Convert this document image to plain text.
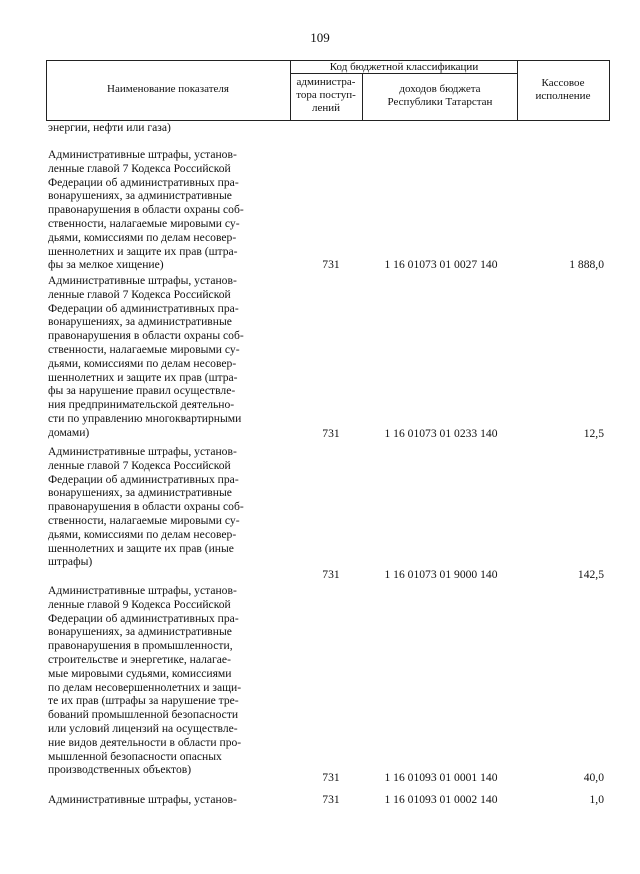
109
Наименование показателя
Код бюджетной классификации
администра-
тора поступ-
лений
доходов бюджета
Республики Татарстан
Кассовое
исполнение
энергии, нефти или газа)
Административные штрафы, установ-
ленные главой 7 Кодекса Российской
Федерации об административных пра-
вонарушениях, за административные
правонарушения в области охраны соб-
ственности, налагаемые мировыми су-
дьями, комиссиями по делам несовер-
шеннолетних и защите их прав (штра-
фы за мелкое хищение)	731	1 16 01073 01 0027 140	1 888,0
Административные штрафы, установ-
ленные главой 7 Кодекса Российской
Федерации об административных пра-
вонарушениях, за административные
правонарушения в области охраны соб-
ственности, налагаемые мировыми су-
дьями, комиссиями по делам несовер-
шеннолетних и защите их прав (штра-
фы за нарушение правил осуществле-
ния предпринимательской деятельно-
сти по управлению многоквартирными
домами)	731	1 16 01073 01 0233 140	12,5
Административные штрафы, установ-
ленные главой 7 Кодекса Российской
Федерации об административных пра-
вонарушениях, за административные
правонарушения в области охраны соб-
ственности, налагаемые мировыми су-
дьями, комиссиями по делам несовер-
шеннолетних и защите их прав (иные
штрафы)
731	1 16 01073 01 9000 140	142,5
Административные штрафы, установ-
ленные главой 9 Кодекса Российской
Федерации об административных пра-
вонарушениях, за административные
правонарушения в промышленности,
строительстве и энергетике, налагае-
мые мировыми судьями, комиссиями
по делам несовершеннолетних и защи-
те их прав (штрафы за нарушение тре-
бований промышленной безопасности
или условий лицензий на осуществле-
ние видов деятельности в области про-
мышленной безопасности опасных
производственных объектов)
731	1 16 01093 01 0001 140	40,0
Административные штрафы, установ-	731	1 16 01093 01 0002 140	1,0
